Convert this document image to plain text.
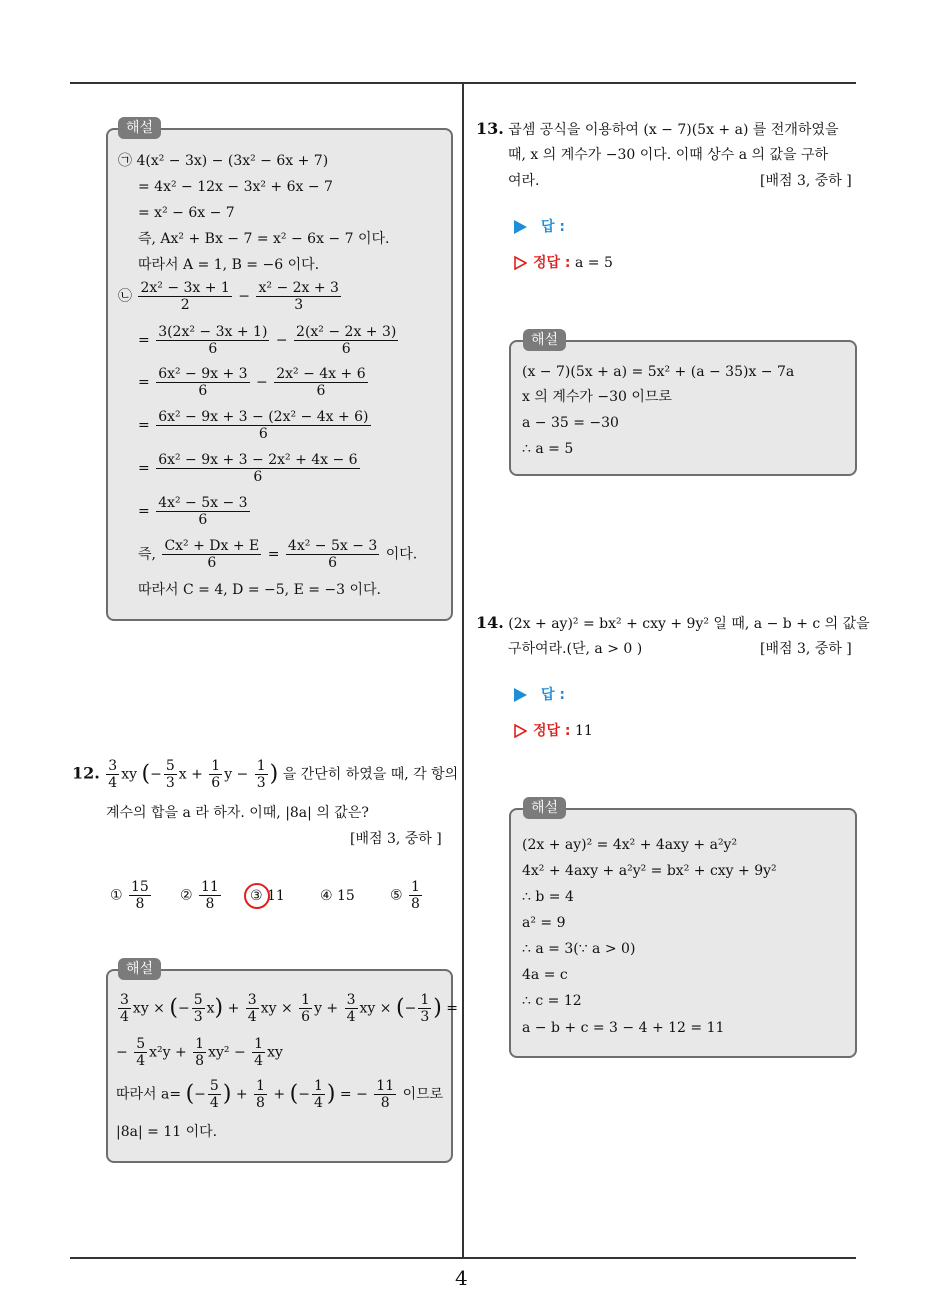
4
해설
㉠ 4(x² − 3x) − (3x² − 6x + 7)
= 4x² − 12x − 3x² + 6x − 7
= x² − 6x − 7
즉, Ax² + Bx − 7 = x² − 6x − 7 이다.
따라서 A = 1, B = −6 이다.
㉡ $\frac{\text{2x² − 3x + 1}}{2} - \frac{\text{x² − 2x + 3}}{3}$
= $\frac{\text{3(2x² − 3x + 1)}}{6} - \frac{\text{2(x² − 2x + 3)}}{6}$
= $\frac{\text{6x² − 9x + 3}}{6} - \frac{\text{2x² − 4x + 6}}{6}$
= $\frac{\text{6x² − 9x + 3 − (2x² − 4x + 6)}}{6}$
= $\frac{\text{6x² − 9x + 3 − 2x² + 4x − 6}}{6}$
= $\frac{\text{4x² − 5x − 3}}{6}$
즉, $\frac{\text{Cx² + Dx + E}}{6} = \frac{\text{4x² − 5x − 3}}{6}$ 이다.
따라서 C = 4, D = −5, E = −3 이다.
12. $\frac{3}{4}$ xy (− $\frac{5}{3}$ $x + \frac{1}{6}$ $y - \frac{1}{3}$ ) 을 간단히 하였을 때, 각 항의
계수의 합을 a 라 하자. 이때, |8a| 의 값은?
[배점 3, 중하 ]
① $\frac{15}{8}$ ② $\frac{11}{8}$ ③ 11	④ 15	⑤ $\frac{1}{8}$
해설
$\frac{3}{4}$ xy × (− $\frac{5}{3} x) + \frac{3}{4}$ xy × $\frac{1}{6}$ $y + \frac{3}{4}$ xy × (− $\frac{1}{3}$ ) =
− $\frac{5}{4} x^2y + \frac{1}{8} xy^2 - \frac{1}{4}$ xy
따라서 a= (− $\frac{5}{4}$ ) + $\frac{1}{8}$ + (− $\frac{1}{4}$ ) = − $\frac{11}{8}$ 이므로
|8a| = 11 이다.
13. 곱셈 공식을 이용하여 (x − 7)(5x + a) 를 전개하였을
때, x 의 계수가 −30 이다. 이때 상수 a 의 값을 구하
여라.	[배점 3, 중하 ]
답 :
정답 : a = 5
해설
(x − 7)(5x + a) = 5x² + (a − 35)x − 7a
x 의 계수가 −30 이므로
a − 35 = −30
∴ a = 5
14. (2x + ay)² = bx² + cxy + 9y² 일 때, a − b + c 의 값을
구하여라.(단, a > 0 )	[배점 3, 중하 ]
답 :
정답 : 11
해설
(2x + ay)² = 4x² + 4axy + a²y²
4x² + 4axy + a²y² = bx² + cxy + 9y²
∴ b = 4
a² = 9
∴ a = 3(∵ a > 0)
4a = c
∴ c = 12
a − b + c = 3 − 4 + 12 = 11
